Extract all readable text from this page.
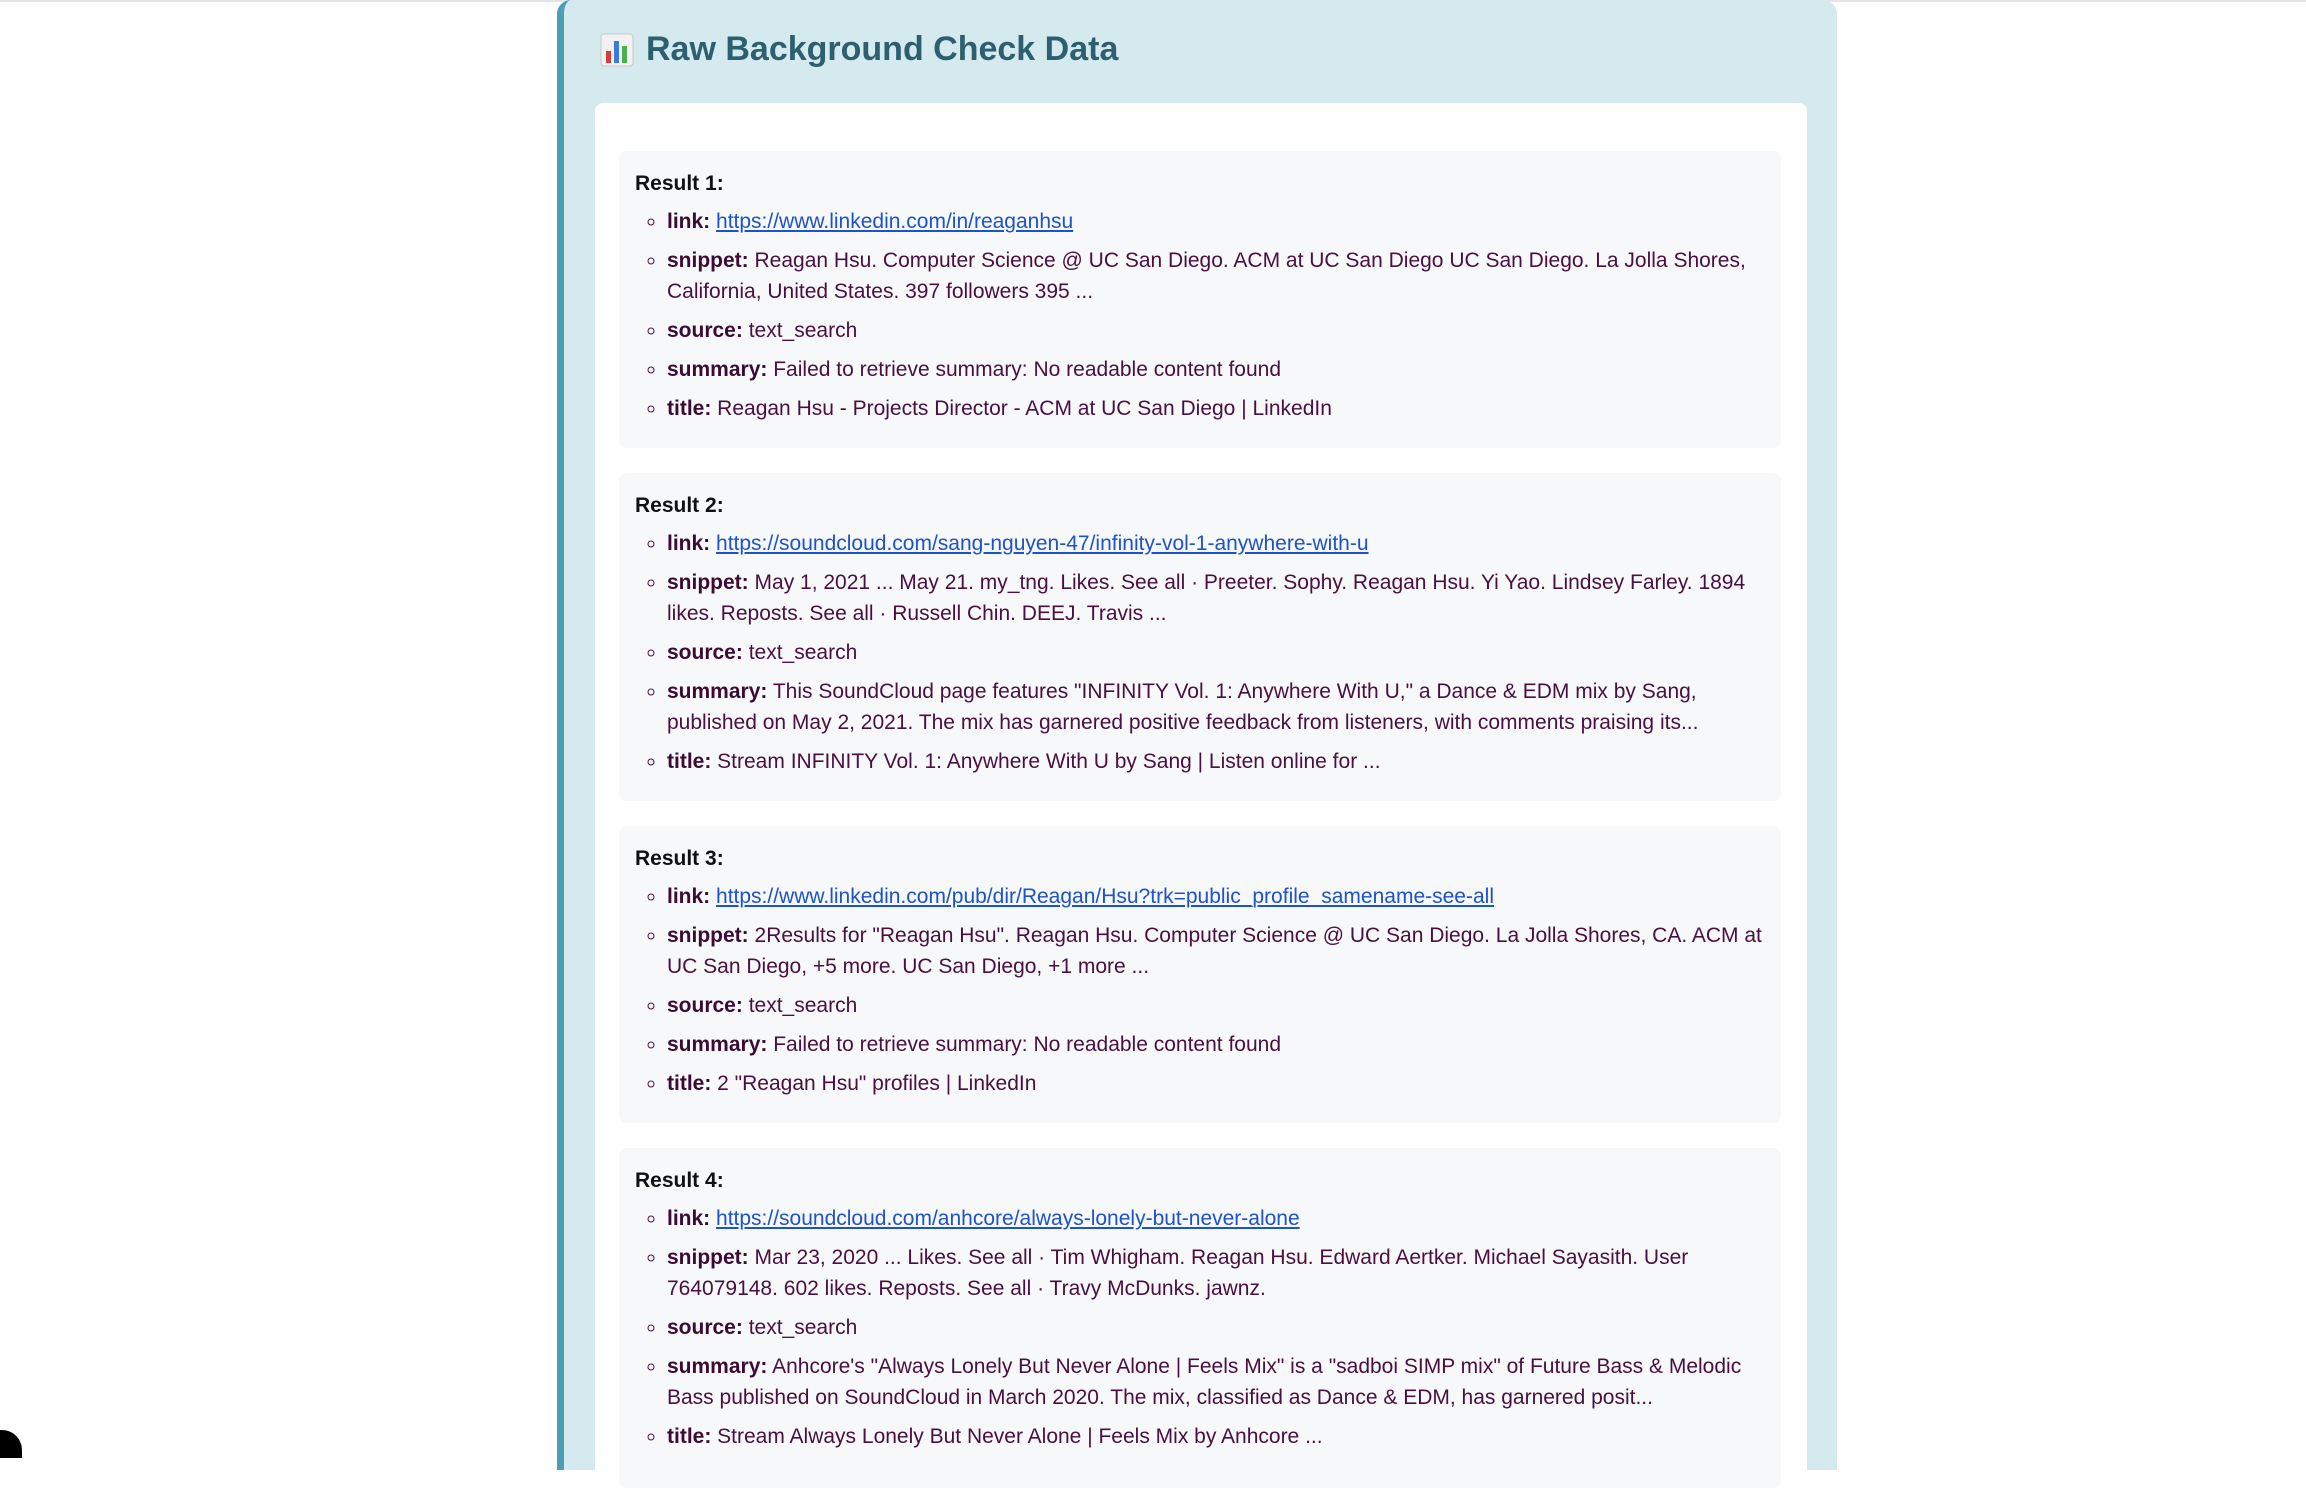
Raw Background Check Data
Result 1:
◦ link: https://www.linkedin.com/in/reaganhsu
◦ snippet: Reagan Hsu. Computer Science @ UC San Diego. ACM at UC San Diego UC San Diego. La Jolla Shores, California, United States. 397 followers 395 ...
◦ source: text_search
◦ summary: Failed to retrieve summary: No readable content found
◦ title: Reagan Hsu - Projects Director - ACM at UC San Diego | LinkedIn
Result 2:
◦ link: https://soundcloud.com/sang-nguyen-47/infinity-vol-1-anywhere-with-u
◦ snippet: May 1, 2021 ... May 21. my_tng. Likes. See all · Preeter. Sophy. Reagan Hsu. Yi Yao. Lindsey Farley. 1894 likes. Reposts. See all · Russell Chin. DEEJ. Travis ...
◦ source: text_search
◦ summary: This SoundCloud page features "INFINITY Vol. 1: Anywhere With U," a Dance & EDM mix by Sang, published on May 2, 2021. The mix has garnered positive feedback from listeners, with comments praising its...
◦ title: Stream INFINITY Vol. 1: Anywhere With U by Sang | Listen online for ...
Result 3:
◦ link: https://www.linkedin.com/pub/dir/Reagan/Hsu?trk=public_profile_samename-see-all
◦ snippet: 2Results for "Reagan Hsu". Reagan Hsu. Computer Science @ UC San Diego. La Jolla Shores, CA. ACM at UC San Diego, +5 more. UC San Diego, +1 more ...
◦ source: text_search
◦ summary: Failed to retrieve summary: No readable content found
◦ title: 2 "Reagan Hsu" profiles | LinkedIn
Result 4:
◦ link: https://soundcloud.com/anhcore/always-lonely-but-never-alone
◦ snippet: Mar 23, 2020 ... Likes. See all · Tim Whigham. Reagan Hsu. Edward Aertker. Michael Sayasith. User 764079148. 602 likes. Reposts. See all · Travy McDunks. jawnz.
◦ source: text_search
◦ summary: Anhcore's "Always Lonely But Never Alone | Feels Mix" is a "sadboi SIMP mix" of Future Bass & Melodic Bass published on SoundCloud in March 2020. The mix, classified as Dance & EDM, has garnered posit...
◦ title: Stream Always Lonely But Never Alone | Feels Mix by Anhcore ...
